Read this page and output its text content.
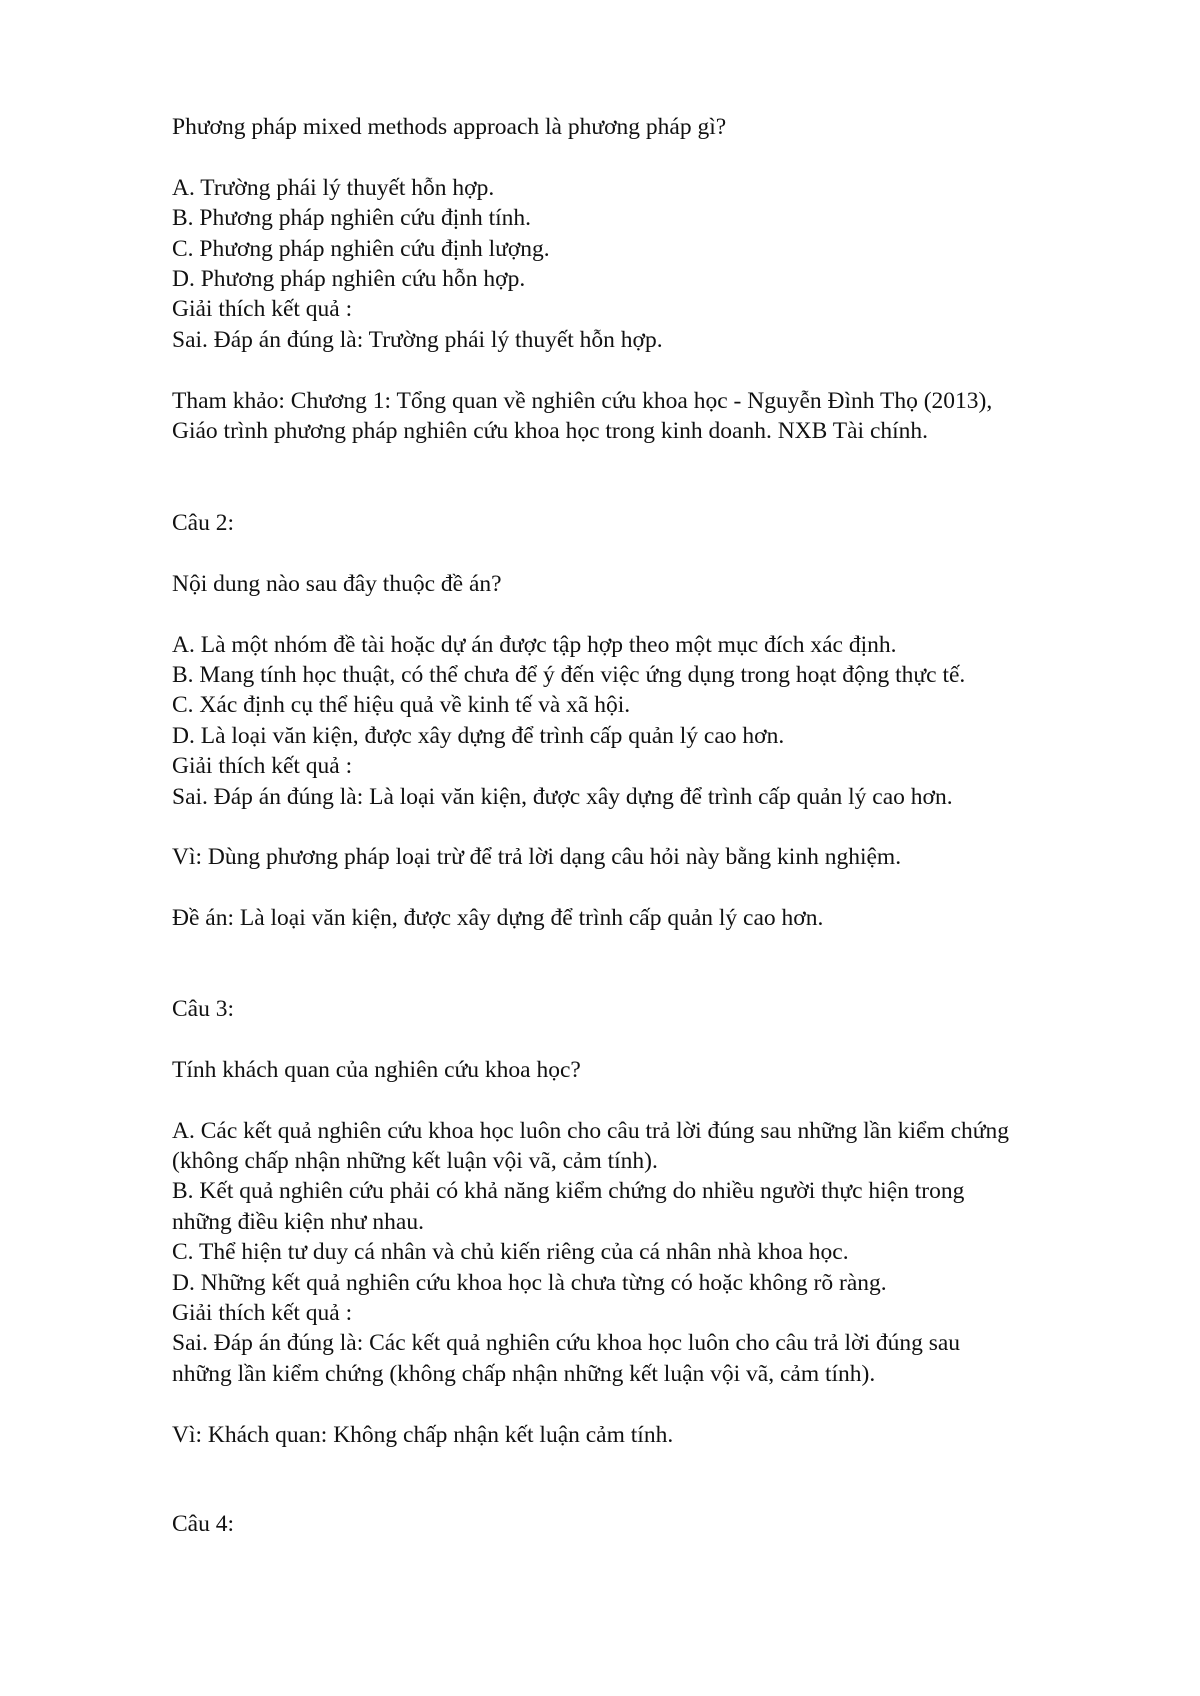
Phương pháp mixed methods approach là phương pháp gì?
A. Trường phái lý thuyết hỗn hợp.
B. Phương pháp nghiên cứu định tính.
C. Phương pháp nghiên cứu định lượng.
D. Phương pháp nghiên cứu hỗn hợp.
Giải thích kết quả :
Sai. Đáp án đúng là: Trường phái lý thuyết hỗn hợp.
Tham khảo: Chương 1: Tổng quan về nghiên cứu khoa học - Nguyễn Đình Thọ (2013),
Giáo trình phương pháp nghiên cứu khoa học trong kinh doanh. NXB Tài chính.
Câu 2:
Nội dung nào sau đây thuộc đề án?
A. Là một nhóm đề tài hoặc dự án được tập hợp theo một mục đích xác định.
B. Mang tính học thuật, có thể chưa để ý đến việc ứng dụng trong hoạt động thực tế.
C. Xác định cụ thể hiệu quả về kinh tế và xã hội.
D. Là loại văn kiện, được xây dựng để trình cấp quản lý cao hơn.
Giải thích kết quả :
Sai. Đáp án đúng là: Là loại văn kiện, được xây dựng để trình cấp quản lý cao hơn.
Vì: Dùng phương pháp loại trừ để trả lời dạng câu hỏi này bằng kinh nghiệm.
Đề án: Là loại văn kiện, được xây dựng để trình cấp quản lý cao hơn.
Câu 3:
Tính khách quan của nghiên cứu khoa học?
A. Các kết quả nghiên cứu khoa học luôn cho câu trả lời đúng sau những lần kiểm chứng
(không chấp nhận những kết luận vội vã, cảm tính).
B. Kết quả nghiên cứu phải có khả năng kiểm chứng do nhiều người thực hiện trong
những điều kiện như nhau.
C. Thể hiện tư duy cá nhân và chủ kiến riêng của cá nhân nhà khoa học.
D. Những kết quả nghiên cứu khoa học là chưa từng có hoặc không rõ ràng.
Giải thích kết quả :
Sai. Đáp án đúng là: Các kết quả nghiên cứu khoa học luôn cho câu trả lời đúng sau
những lần kiểm chứng (không chấp nhận những kết luận vội vã, cảm tính).
Vì: Khách quan: Không chấp nhận kết luận cảm tính.
Câu 4:
